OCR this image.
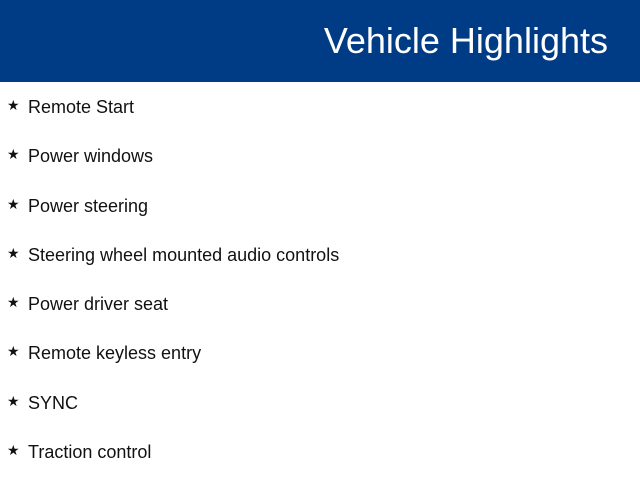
Vehicle Highlights
★ Remote Start
★ Power windows
★ Power steering
★ Steering wheel mounted audio controls
★ Power driver seat
★ Remote keyless entry
★ SYNC
★ Traction control
